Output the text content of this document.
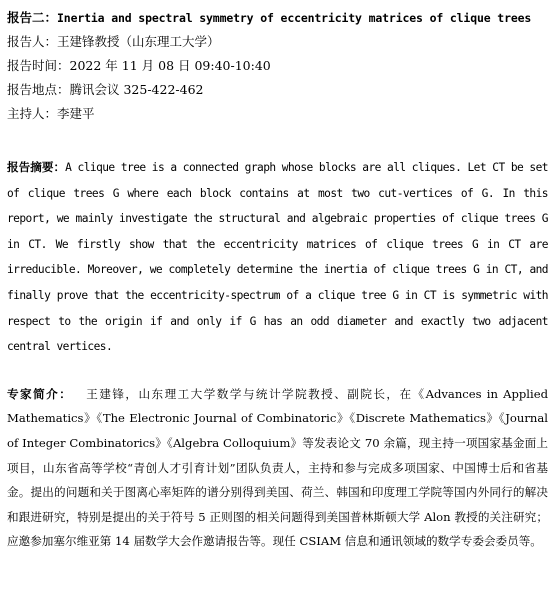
报告二：Inertia and spectral symmetry of eccentricity matrices of clique trees
报告人：王建锋教授（山东理工大学）
报告时间：2022 年 11 月 08 日 09:40-10:40
报告地点：腾讯会议 325-422-462
主持人：李建平
报告摘要：A clique tree is a connected graph whose blocks are all cliques. Let CT be set of clique trees G where each block contains at most two cut-vertices of G. In this report, we mainly investigate the structural and algebraic properties of clique trees G in CT. We firstly show that the eccentricity matrices of clique trees G in CT are irreducible. Moreover, we completely determine the inertia of clique trees G in CT, and finally prove that the eccentricity-spectrum of a clique tree G in CT is symmetric with respect to the origin if and only if G has an odd diameter and exactly two adjacent central vertices.
专家简介： 王建锋，山东理工大学数学与统计学院教授、副院长，在《Advances in Applied Mathematics》《The Electronic Journal of Combinatoric》《Discrete Mathematics》《Journal of Integer Combinatorics》《Algebra Colloquium》等发表论文 70 余篇，现主持一项国家基金面上项目，山东省高等学校“青创人才引育计划”团队负责人，主持和参与完成多项国家、中国博士后和省基金。提出的问题和关于图离心率矩阵的谱分别得到美国、荷兰、韩国和印度理工学院等国内外同行的解决和跟进研究，特别是提出的关于符号 5 正则图的相关问题得到美国普林斯顿大学 Alon 教授的关注研究；应邀参加塞尔维亚第 14 届数学大会作邀请报告等。现任 CSIAM 信息和通讯领域的数学专委会委员等。
